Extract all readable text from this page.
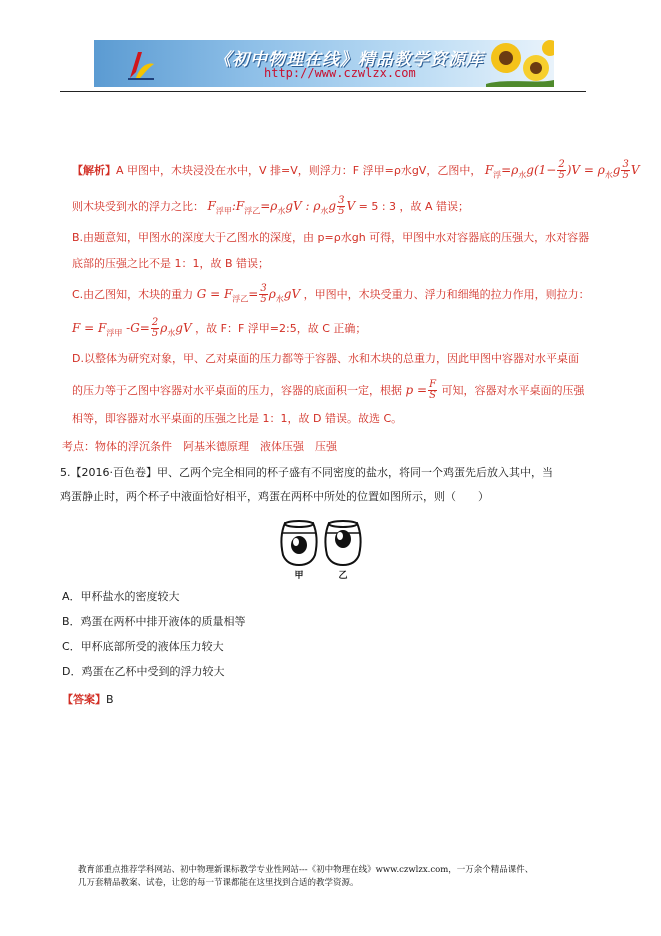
《初中物理在线》精品教学资源库
http://www.czwlzx.com
【解析】A 甲图中，木块浸没在水中，V 排=V，则浮力：F 浮甲=ρ水gV，乙图中， $F_浮=\rho_水g(1- \frac{2}{5} )V = \rho_水g \frac{3}{5}$ V
则木块受到水的浮力之比： $F_{浮甲}:F_{浮乙}=\rho_水gV$ : $\rho_水g \frac{3}{5}$ V = 5 : 3 ，故 A 错误；
B.由题意知，甲图水的深度大于乙图水的深度，由 p=ρ水gh 可得，甲图中水对容器底的压强大，水对容器
底部的压强之比不是 1：1，故 B 错误；
C.由乙图知，木块的重力 $G = F_{浮乙}= \frac{3}{5} \rho_水gV$ ，甲图中，木块受重力、浮力和细绳的拉力作用，则拉力：
$F = F_{浮甲}$ $-G= \frac{2}{5} \rho_水gV$ ，故 F：F 浮甲=2:5，故 C 正确；
D.以整体为研究对象，甲、乙对桌面的压力都等于容器、水和木块的总重力，因此甲图中容器对水平桌面
的压力等于乙图中容器对水平桌面的压力，容器的底面积一定，根据 $p = \frac{F}{S}$ 可知，容器对水平桌面的压强
相等，即容器对水平桌面的压强之比是 1：1，故 D 错误。故选 C。
考点：物体的浮沉条件　阿基米德原理　液体压强　压强
5.【2016·百色卷】甲、乙两个完全相同的杯子盛有不同密度的盐水，将同一个鸡蛋先后放入其中，当
鸡蛋静止时，两个杯子中液面恰好相平，鸡蛋在两杯中所处的位置如图所示，则（　　）
甲	乙
A．甲杯盐水的密度较大
B．鸡蛋在两杯中排开液体的质量相等
C．甲杯底部所受的液体压力较大
D．鸡蛋在乙杯中受到的浮力较大
【答案】B
教育部重点推荐学科网站、初中物理新课标教学专业性网站---《初中物理在线》www.czwlzx.com，一万余个精品课件、
几万套精品教案、试卷，让您的每一节课都能在这里找到合适的教学资源。
